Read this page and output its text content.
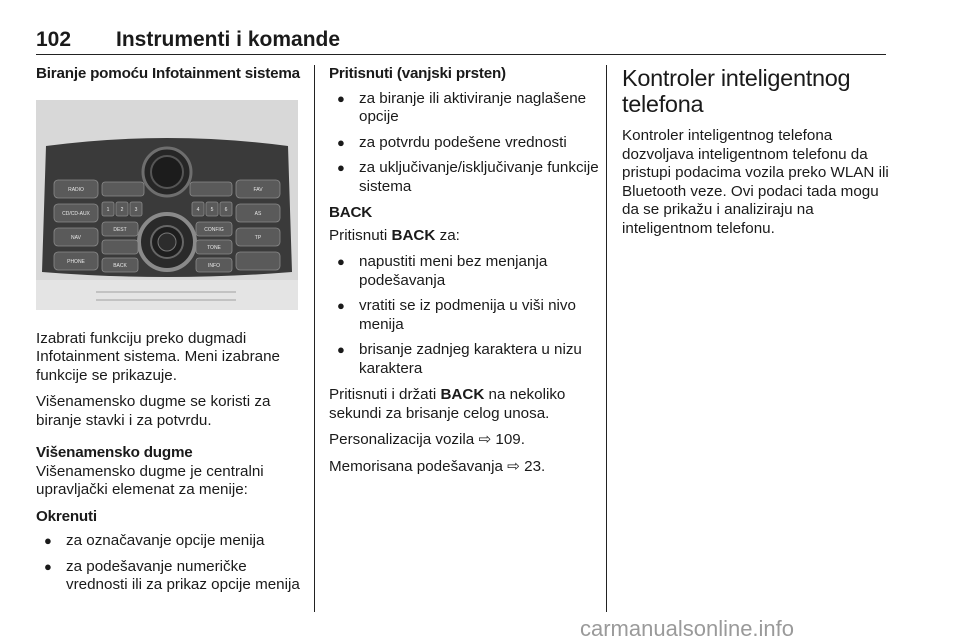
102 Instrumenti i komande
Biranje pomoću Infotainment sistema
RADIO
CD/CD-AUX
NAV
PHONE
FAV
AS
TP
1 2 3	4 5 6
DEST
BACK
CONFIG
TONE
INFO

Izabrati funkciju preko dugmadi Infotainment sistema. Meni izabrane funkcije se prikazuje.

Višenamensko dugme se koristi za biranje stavki i za potvrdu.

Višenamensko dugme

Višenamensko dugme je centralni upravljački elemenat za menije:

Okrenuti
● za označavanje opcije menija
● za podešavanje numeričke vrednosti ili za prikaz opcije menija
Pritisnuti (vanjski prsten)
● za biranje ili aktiviranje naglašene opcije
● za potvrdu podešene vrednosti
● za uključivanje/isključivanje funkcije sistema
BACK

Pritisnuti BACK za:

● napustiti meni bez menjanja podešavanja
● vratiti se iz podmenija u viši nivo menija
● brisanje zadnjeg karaktera u nizu karaktera

Pritisnuti i držati BACK na nekoliko sekundi za brisanje celog unosa.

Personalizacija vozila ⇨ 109.

Memorisana podešavanja ⇨ 23.

Kontroler inteligentnog telefona

Kontroler inteligentnog telefona dozvoljava inteligentnom telefonu da pristupi podacima vozila preko WLAN ili Bluetooth veze. Ovi podaci tada mogu da se prikažu i analiziraju na inteligentnom telefonu.

carmanualsonline.info
